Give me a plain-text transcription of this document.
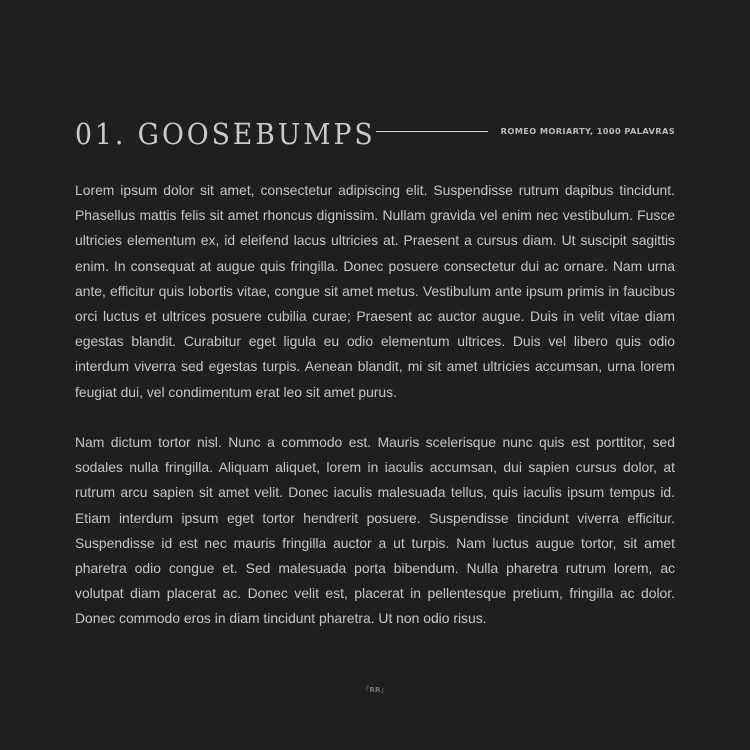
01. GOOSEBUMPS	ROMEO MORIARTY, 1000 PALAVRAS

Lorem ipsum dolor sit amet, consectetur adipiscing elit. Suspendisse rutrum dapibus tincidunt. Phasellus mattis felis sit amet rhoncus dignissim. Nullam gravida vel enim nec vestibulum. Fusce ultricies elementum ex, id eleifend lacus ultricies at. Praesent a cursus diam. Ut suscipit sagittis enim. In consequat at augue quis fringilla. Donec posuere consectetur dui ac ornare. Nam urna ante, efficitur quis lobortis vitae, congue sit amet metus. Vestibulum ante ipsum primis in faucibus orci luctus et ultrices posuere cubilia curae; Praesent ac auctor augue. Duis in velit vitae diam egestas blandit. Curabitur eget ligula eu odio elementum ultrices. Duis vel libero quis odio interdum viverra sed egestas turpis. Aenean blandit, mi sit amet ultricies accumsan, urna lorem feugiat dui, vel condimentum erat leo sit amet purus.

Nam dictum tortor nisl. Nunc a commodo est. Mauris scelerisque nunc quis est porttitor, sed sodales nulla fringilla. Aliquam aliquet, lorem in iaculis accumsan, dui sapien cursus dolor, at rutrum arcu sapien sit amet velit. Donec iaculis malesuada tellus, quis iaculis ipsum tempus id. Etiam interdum ipsum eget tortor hendrerit posuere. Suspendisse tincidunt viverra efficitur. Suspendisse id est nec mauris fringilla auctor a ut turpis. Nam luctus augue tortor, sit amet pharetra odio congue et. Sed malesuada porta bibendum. Nulla pharetra rutrum lorem, ac volutpat diam placerat ac. Donec velit est, placerat in pellentesque pretium, fringilla ac dolor. Donec commodo eros in diam tincidunt pharetra. Ut non odio risus.

「RR」
